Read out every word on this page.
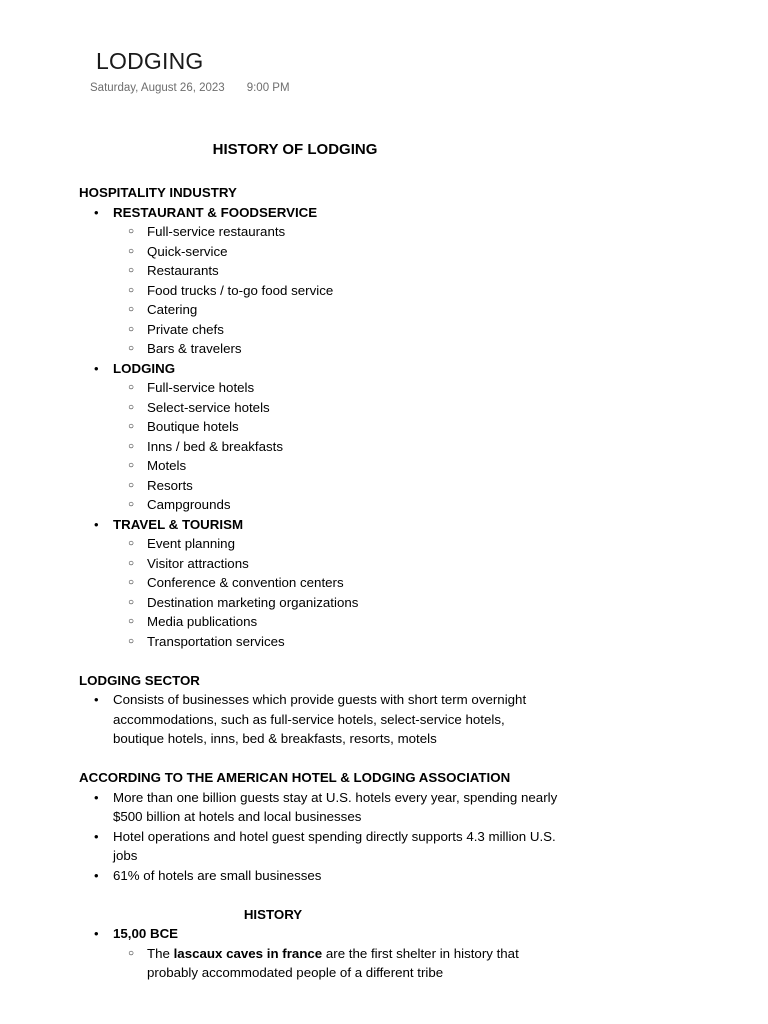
LODGING
Saturday, August 26, 2023 9:00 PM
HISTORY OF LODGING
HOSPITALITY INDUSTRY
• RESTAURANT & FOODSERVICE
○ Full-service restaurants
○ Quick-service
○ Restaurants
○ Food trucks / to-go food service
○ Catering
○ Private chefs
○ Bars & travelers
• LODGING
○ Full-service hotels
○ Select-service hotels
○ Boutique hotels
○ Inns / bed & breakfasts
○ Motels
○ Resorts
○ Campgrounds
• TRAVEL & TOURISM
○ Event planning
○ Visitor attractions
○ Conference & convention centers
○ Destination marketing organizations
○ Media publications
○ Transportation services
LODGING SECTOR
• Consists of businesses which provide guests with short term overnight accommodations, such as full-service hotels, select-service hotels, boutique hotels, inns, bed & breakfasts, resorts, motels
ACCORDING TO THE AMERICAN HOTEL & LODGING ASSOCIATION
• More than one billion guests stay at U.S. hotels every year, spending nearly $500 billion at hotels and local businesses
• Hotel operations and hotel guest spending directly supports 4.3 million U.S. jobs
• 61% of hotels are small businesses
HISTORY
• 15,00 BCE
○ The lascaux caves in france are the first shelter in history that probably accommodated people of a different tribe
